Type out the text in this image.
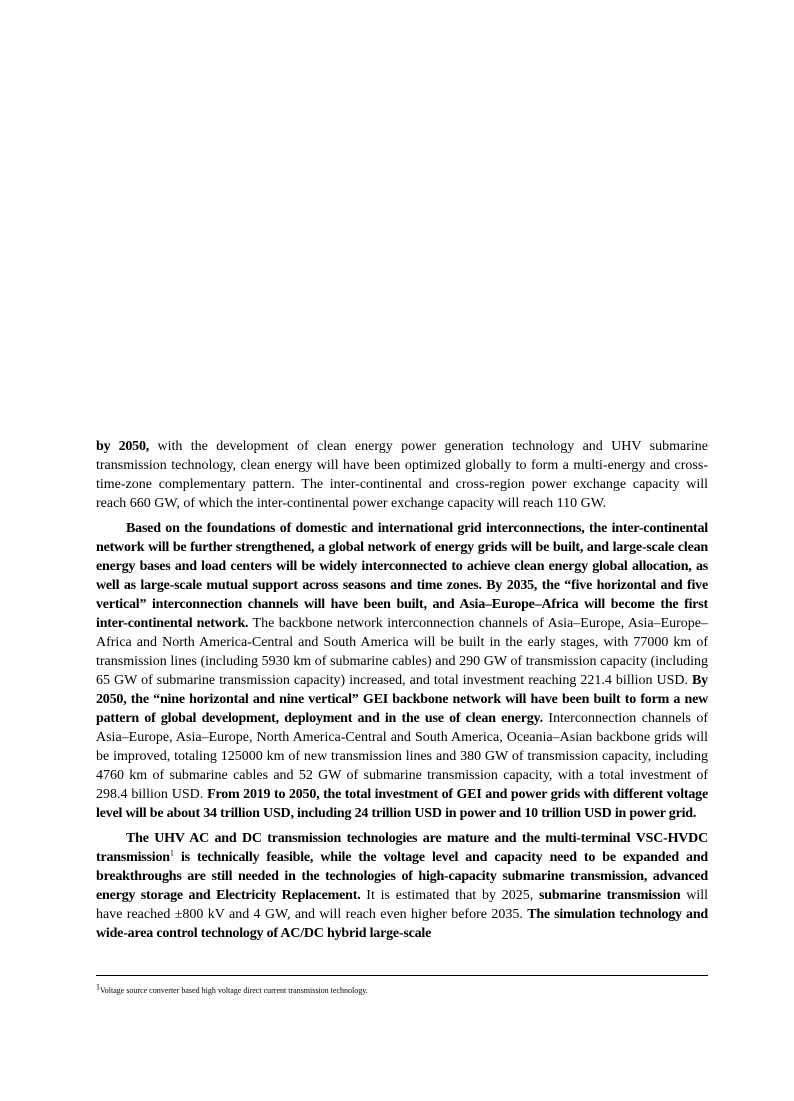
by 2050, with the development of clean energy power generation technology and UHV submarine transmission technology, clean energy will have been optimized globally to form a multi-energy and cross-time-zone complementary pattern. The inter-continental and cross-region power exchange capacity will reach 660 GW, of which the inter-continental power exchange capacity will reach 110 GW.

Based on the foundations of domestic and international grid interconnections, the inter-continental network will be further strengthened, a global network of energy grids will be built, and large-scale clean energy bases and load centers will be widely interconnected to achieve clean energy global allocation, as well as large-scale mutual support across seasons and time zones. By 2035, the “five horizontal and five vertical” interconnection channels will have been built, and Asia–Europe–Africa will become the first inter-continental network. The backbone network interconnection channels of Asia–Europe, Asia–Europe–Africa and North America-Central and South America will be built in the early stages, with 77000 km of transmission lines (including 5930 km of submarine cables) and 290 GW of transmission capacity (including 65 GW of submarine transmission capacity) increased, and total investment reaching 221.4 billion USD. By 2050, the “nine horizontal and nine vertical” GEI backbone network will have been built to form a new pattern of global development, deployment and in the use of clean energy. Interconnection channels of Asia–Europe, Asia–Europe, North America-Central and South America, Oceania–Asian backbone grids will be improved, totaling 125000 km of new transmission lines and 380 GW of transmission capacity, including 4760 km of submarine cables and 52 GW of submarine transmission capacity, with a total investment of 298.4 billion USD. From 2019 to 2050, the total investment of GEI and power grids with different voltage level will be about 34 trillion USD, including 24 trillion USD in power and 10 trillion USD in power grid.

The UHV AC and DC transmission technologies are mature and the multi-terminal VSC-HVDC transmission$^1$ is technically feasible, while the voltage level and capacity need to be expanded and breakthroughs are still needed in the technologies of high-capacity submarine transmission, advanced energy storage and Electricity Replacement. It is estimated that by 2025, submarine transmission will have reached ±800 kV and 4 GW, and will reach even higher before 2035. The simulation technology and wide-area control technology of AC/DC hybrid large-scale

$^1$Voltage source converter based high voltage direct current transmission technology.
